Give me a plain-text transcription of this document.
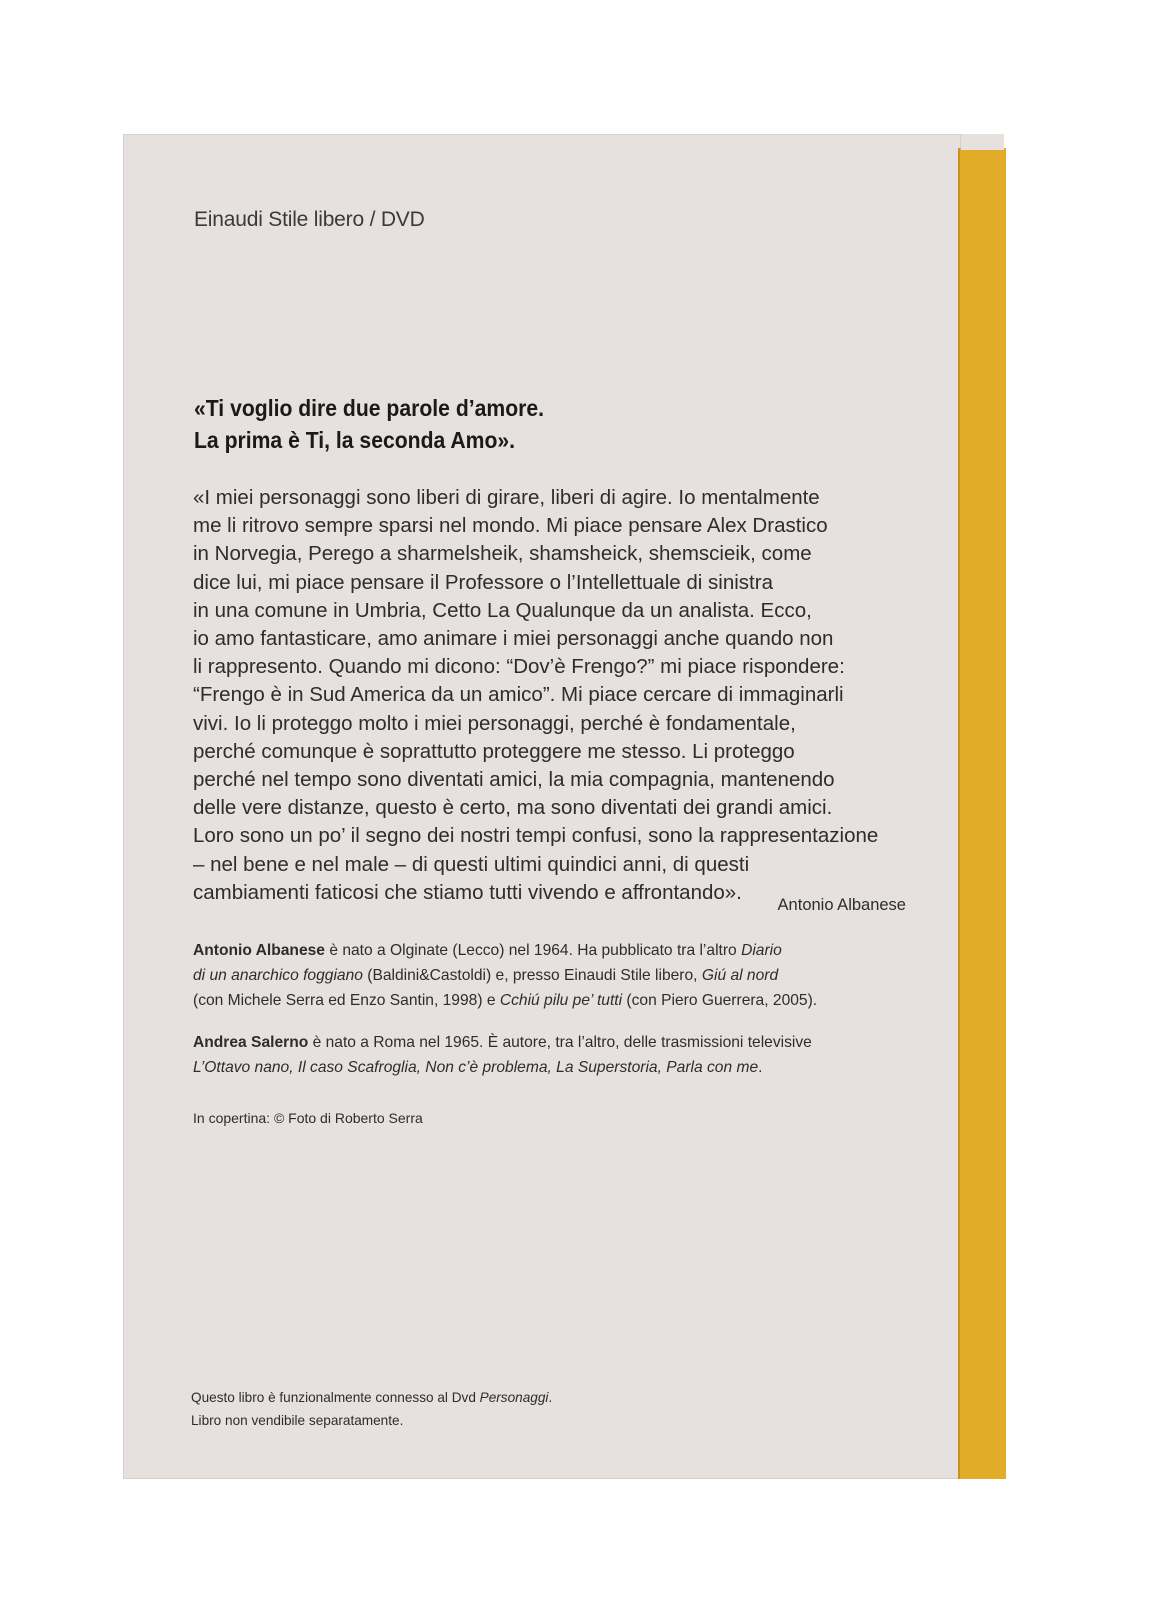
Einaudi Stile libero / DVD
«Ti voglio dire due parole d’amore.
La prima è Ti, la seconda Amo».
«I miei personaggi sono liberi di girare, liberi di agire. Io mentalmente
me li ritrovo sempre sparsi nel mondo. Mi piace pensare Alex Drastico
in Norvegia, Perego a sharmelsheik, shamsheick, shemscieik, come
dice lui, mi piace pensare il Professore o l’Intellettuale di sinistra
in una comune in Umbria, Cetto La Qualunque da un analista. Ecco,
io amo fantasticare, amo animare i miei personaggi anche quando non
li rappresento. Quando mi dicono: “Dov’è Frengo?” mi piace rispondere:
“Frengo è in Sud America da un amico”. Mi piace cercare di immaginarli
vivi. Io li proteggo molto i miei personaggi, perché è fondamentale,
perché comunque è soprattutto proteggere me stesso. Li proteggo
perché nel tempo sono diventati amici, la mia compagnia, mantenendo
delle vere distanze, questo è certo, ma sono diventati dei grandi amici.
Loro sono un po’ il segno dei nostri tempi confusi, sono la rappresentazione
– nel bene e nel male – di questi ultimi quindici anni, di questi
cambiamenti faticosi che stiamo tutti vivendo e affrontando».
Antonio Albanese
Antonio Albanese è nato a Olginate (Lecco) nel 1964. Ha pubblicato tra l’altro Diario
di un anarchico foggiano (Baldini&Castoldi) e, presso Einaudi Stile libero, Giú al nord
(con Michele Serra ed Enzo Santin, 1998) e Cchiú pilu pe’ tutti (con Piero Guerrera, 2005).
Andrea Salerno è nato a Roma nel 1965. È autore, tra l’altro, delle trasmissioni televisive
L’Ottavo nano, Il caso Scafroglia, Non c’è problema, La Superstoria, Parla con me.
In copertina: © Foto di Roberto Serra
Questo libro è funzionalmente connesso al Dvd Personaggi.
Libro non vendibile separatamente.
